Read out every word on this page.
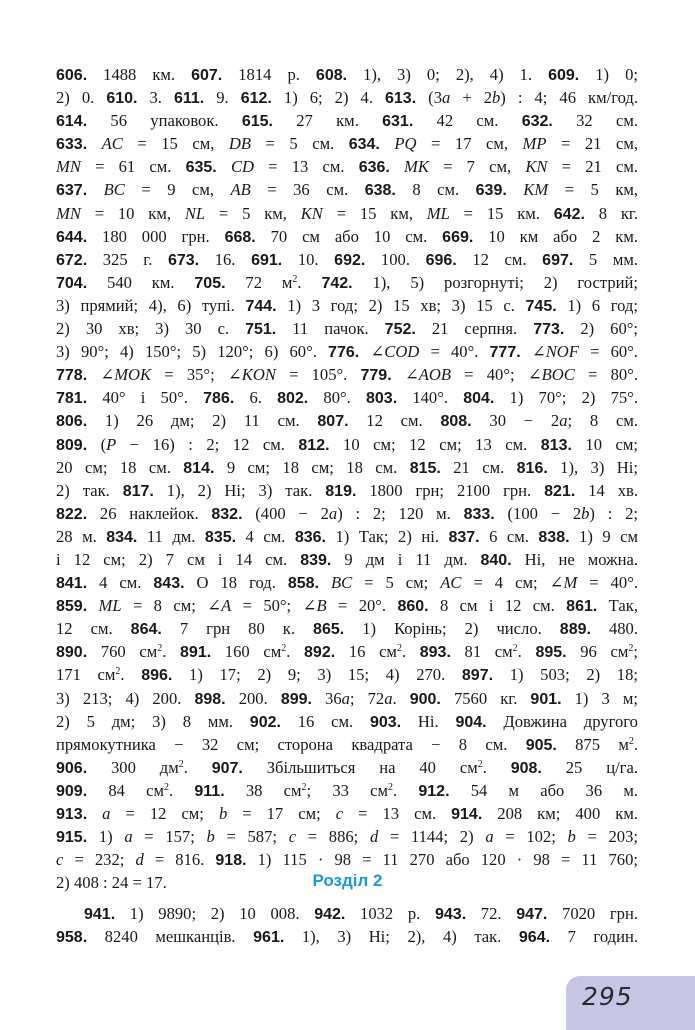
606. 1488 км. 607. 1814 р. 608. 1), 3) 0; 2), 4) 1. 609. 1) 0;
2) 0. 610. 3. 611. 9. 612. 1) 6; 2) 4. 613. (3a + 2b) : 4; 46 км/год.
614. 56 упаковок. 615. 27 км. 631. 42 см. 632. 32 см.
633. AC = 15 см, DB = 5 см. 634. PQ = 17 см, MP = 21 см,
MN = 61 см. 635. CD = 13 см. 636. MK = 7 см, KN = 21 см.
637. BC = 9 см, AB = 36 см. 638. 8 см. 639. KM = 5 км,
MN = 10 км, NL = 5 км, KN = 15 км, ML = 15 км. 642. 8 кг.
644. 180 000 грн. 668. 70 см або 10 см. 669. 10 км або 2 км.
672. 325 г. 673. 16. 691. 10. 692. 100. 696. 12 см. 697. 5 мм.
704. 540 км. 705. 72 $м^2$. 742. 1), 5) розгорнуті; 2) гострий;
3) прямий; 4), 6) тупі. 744. 1) 3 год; 2) 15 хв; 3) 15 с. 745. 1) 6 год;
2) 30 хв; 3) 30 с. 751. 11 пачок. 752. 21 серпня. 773. 2) 60°;
3) 90°; 4) 150°; 5) 120°; 6) 60°. 776. ∠COD = 40°. 777. ∠NOF = 60°.
778. ∠MOK = 35°; ∠KON = 105°. 779. ∠AOB = 40°; ∠BOC = 80°.
781. 40° і 50°. 786. 6. 802. 80°. 803. 140°. 804. 1) 70°; 2) 75°.
806. 1) 26 дм; 2) 11 см. 807. 12 см. 808. 30 − 2a; 8 см.
809. (P − 16) : 2; 12 см. 812. 10 см; 12 см; 13 см. 813. 10 см;
20 см; 18 см. 814. 9 см; 18 см; 18 см. 815. 21 см. 816. 1), 3) Ні;
2) так. 817. 1), 2) Ні; 3) так. 819. 1800 грн; 2100 грн. 821. 14 хв.
822. 26 наклейок. 832. (400 − 2a) : 2; 120 м. 833. (100 − 2b) : 2;
28 м. 834. 11 дм. 835. 4 см. 836. 1) Так; 2) ні. 837. 6 см. 838. 1) 9 см
і 12 см; 2) 7 см і 14 см. 839. 9 дм і 11 дм. 840. Ні, не можна.
841. 4 см. 843. О 18 год. 858. BC = 5 см; AC = 4 см; ∠M = 40°.
859. ML = 8 см; ∠A = 50°; ∠B = 20°. 860. 8 см і 12 см. 861. Так,
12 см. 864. 7 грн 80 к. 865. 1) Корінь; 2) число. 889. 480.
890. 760 $см^2$. 891. 160 $см^2$. 892. 16 $см^2$. 893. 81 $см^2$. 895. 96 $см^2$;
171 $см^2$. 896. 1) 17; 2) 9; 3) 15; 4) 270. 897. 1) 503; 2) 18;
3) 213; 4) 200. 898. 200. 899. 36a; 72a. 900. 7560 кг. 901. 1) 3 м;
2) 5 дм; 3) 8 мм. 902. 16 см. 903. Ні. 904. Довжина другого
прямокутника − 32 см; сторона квадрата − 8 см. 905. 875 $м^2$.
906. 300 $дм^2$. 907. Збільшиться на 40 $см^2$. 908. 25 ц/га.
909. 84 $см^2$. 911. 38 $см^2$; 33 $см^2$. 912. 54 м або 36 м.
913. a = 12 см; b = 17 см; c = 13 см. 914. 208 км; 400 км.
915. 1) a = 157; b = 587; c = 886; d = 1144; 2) a = 102; b = 203;
c = 232; d = 816. 918. 1) 115 · 98 = 11 270 або 120 · 98 = 11 760;
2) 408 : 24 = 17.	Розділ 2
941. 1) 9890; 2) 10 008. 942. 1032 р. 943. 72. 947. 7020 грн.
958. 8240 мешканців. 961. 1), 3) Ні; 2), 4) так. 964. 7 годин.
295
